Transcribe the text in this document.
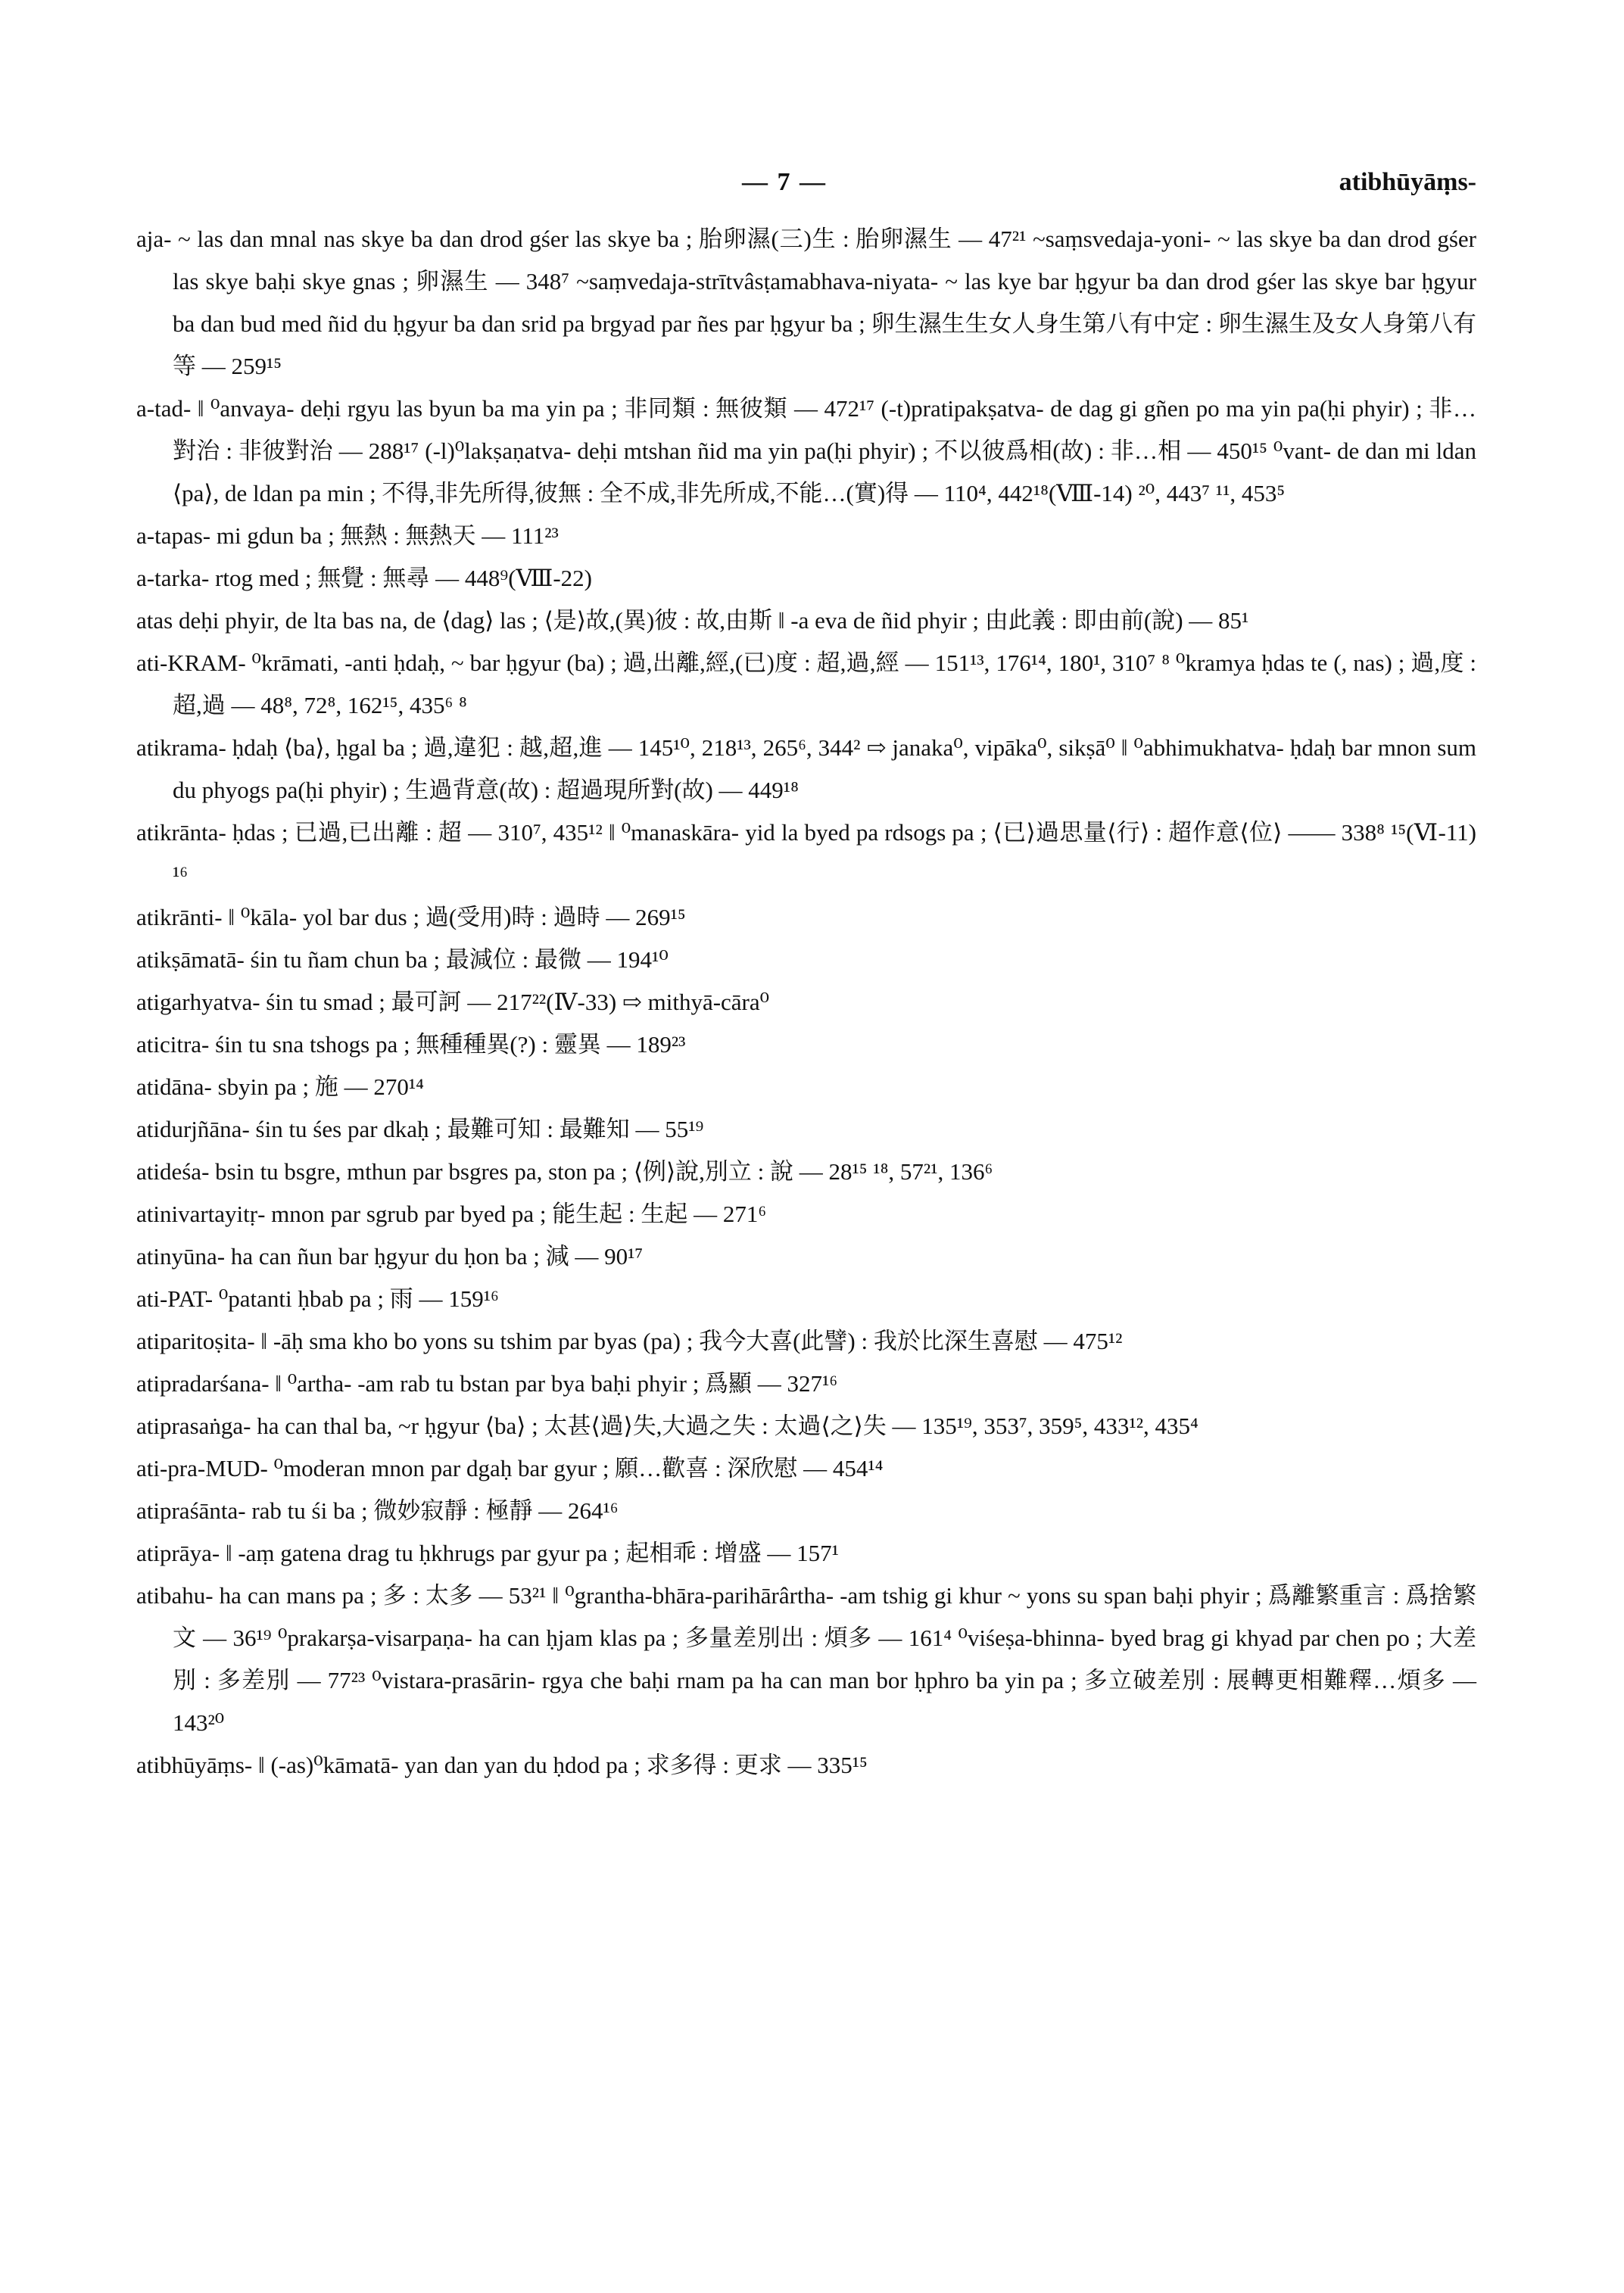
— 7 —	atibhūyāṃs-
aja- ~ las dan mnal nas skye ba dan drod gśer las skye ba ; 胎卵濕(三)生 : 胎卵濕生 — 47²¹ ~saṃsvedaja-yoni- ~ las skye ba dan drod gśer las skye baḥi skye gnas ; 卵濕生 — 348⁷ ~saṃvedaja-strītvâsṭamabhava-niyata- ~ las kye bar ḥgyur ba dan drod gśer las skye bar ḥgyur ba dan bud med ñid du ḥgyur ba dan srid pa brgyad par ñes par ḥgyur ba ; 卵生濕生生女人身生第八有中定 : 卵生濕生及女人身第八有等 — 259¹⁵
a-tad- ‖ ⁰anvaya- deḥi rgyu las byun ba ma yin pa ; 非同類 : 無彼類 — 472¹⁷ (-t)pratipakṣatva- de dag gi gñen po ma yin pa(ḥi phyir) ; 非…對治 : 非彼對治 — 288¹⁷ (-l)⁰lakṣaṇatva- deḥi mtshan ñid ma yin pa(ḥi phyir) ; 不以彼爲相(故) : 非…相 — 450¹⁵ ⁰vant- de dan mi ldan ⟨pa⟩, de ldan pa min ; 不得,非先所得,彼無 : 全不成,非先所成,不能…(實)得 — 110⁴, 442¹⁸(Ⅷ-14) ²⁰, 443⁷ ¹¹, 453⁵
a-tapas- mi gdun ba ; 無熱 : 無熱天 — 111²³
a-tarka- rtog med ; 無覺 : 無尋 — 448⁹(Ⅷ-22)
atas deḥi phyir, de lta bas na, de ⟨dag⟩ las ; ⟨是⟩故,(異)彼 : 故,由斯 ‖ -a eva de ñid phyir ; 由此義 : 即由前(說) — 85¹
ati-KRAM- ⁰krāmati, -anti ḥdaḥ, ~ bar ḥgyur (ba) ; 過,出離,經,(已)度 : 超,過,經 — 151¹³, 176¹⁴, 180¹, 310⁷ ⁸ ⁰kramya ḥdas te (, nas) ; 過,度 : 超,過 — 48⁸, 72⁸, 162¹⁵, 435⁶ ⁸
atikrama- ḥdaḥ ⟨ba⟩, ḥgal ba ; 過,違犯 : 越,超,進 — 145¹⁰, 218¹³, 265⁶, 344² ⇨ janaka⁰, vipāka⁰, sikṣā⁰ ‖ ⁰abhimukhatva- ḥdaḥ bar mnon sum du phyogs pa(ḥi phyir) ; 生過背意(故) : 超過現所對(故) — 449¹⁸
atikrānta- ḥdas ; 已過,已出離 : 超 — 310⁷, 435¹² ‖ ⁰manaskāra- yid la byed pa rdsogs pa ; ⟨已⟩過思量⟨行⟩ : 超作意⟨位⟩ —— 338⁸ ¹⁵(Ⅵ-11) ¹⁶
atikrānti- ‖ ⁰kāla- yol bar dus ; 過(受用)時 : 過時 — 269¹⁵
atikṣāmatā- śin tu ñam chun ba ; 最減位 : 最微 — 194¹⁰
atigarhyatva- śin tu smad ; 最可訶 — 217²²(Ⅳ-33) ⇨ mithyā-cāra⁰
aticitra- śin tu sna tshogs pa ; 無種種異(?) : 靈異 — 189²³
atidāna- sbyin pa ; 施 — 270¹⁴
atidurjñāna- śin tu śes par dkaḥ ; 最難可知 : 最難知 — 55¹⁹
atideśa- bsin tu bsgre, mthun par bsgres pa, ston pa ; ⟨例⟩說,別立 : 說 — 28¹⁵ ¹⁸, 57²¹, 136⁶
atinivartayitṛ- mnon par sgrub par byed pa ; 能生起 : 生起 — 271⁶
atinyūna- ha can ñun bar ḥgyur du ḥon ba ; 減 — 90¹⁷
ati-PAT- ⁰patanti ḥbab pa ; 雨 — 159¹⁶
atiparitoṣita- ‖ -āḥ sma kho bo yons su tshim par byas (pa) ; 我今大喜(此譬) : 我於比深生喜慰 — 475¹²
atipradarśana- ‖ ⁰artha- -am rab tu bstan par bya baḥi phyir ; 爲顯 — 327¹⁶
atiprasaṅga- ha can thal ba, ~r ḥgyur ⟨ba⟩ ; 太甚⟨過⟩失,大過之失 : 太過⟨之⟩失 — 135¹⁹, 353⁷, 359⁵, 433¹², 435⁴
ati-pra-MUD- ⁰moderan mnon par dgaḥ bar gyur ; 願…歡喜 : 深欣慰 — 454¹⁴
atipraśānta- rab tu śi ba ; 微妙寂靜 : 極靜 — 264¹⁶
atiprāya- ‖ -aṃ gatena drag tu ḥkhrugs par gyur pa ; 起相乖 : 增盛 — 157¹
atibahu- ha can mans pa ; 多 : 太多 — 53²¹ ‖ ⁰grantha-bhāra-parihārârtha- -am tshig gi khur ~ yons su span baḥi phyir ; 爲離繁重言 : 爲捨繁文 — 36¹⁹ ⁰prakarṣa-visarpaṇa- ha can ḥjam klas pa ; 多量差別出 : 煩多 — 161⁴ ⁰viśeṣa-bhinna- byed brag gi khyad par chen po ; 大差別 : 多差別 — 77²³ ⁰vistara-prasārin- rgya che baḥi rnam pa ha can man bor ḥphro ba yin pa ; 多立破差別 : 展轉更相難釋…煩多 — 143²⁰
atibhūyāṃs- ‖ (-as)⁰kāmatā- yan dan yan du ḥdod pa ; 求多得 : 更求 — 335¹⁵
